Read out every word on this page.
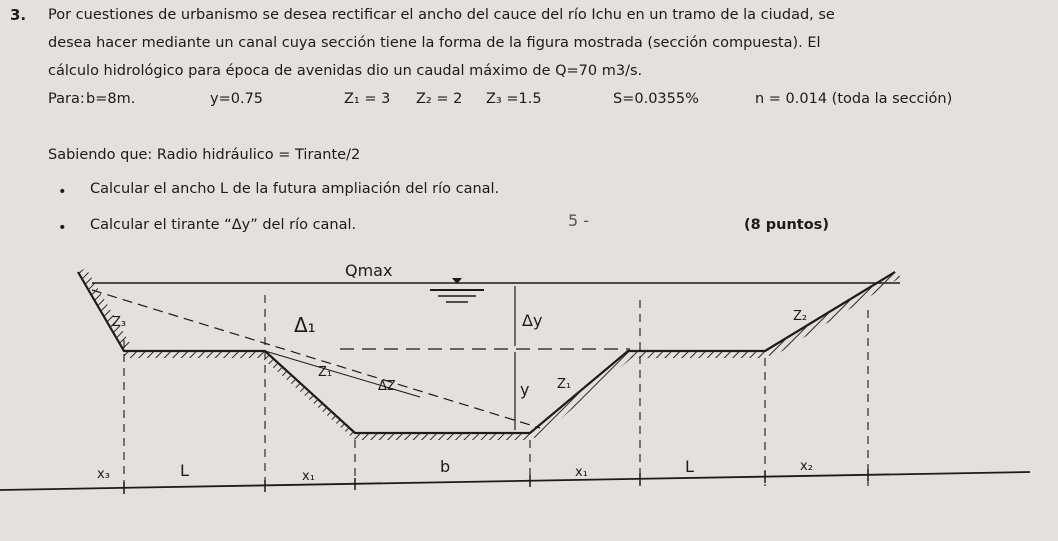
3. Por cuestiones de urbanismo se desea rectificar el ancho del cauce del río Ichu en un tramo de la ciudad, se
desea hacer mediante un canal cuya sección tiene la forma de la figura mostrada (sección compuesta). El
cálculo hidrológico para época de avenidas dio un caudal máximo de Q=70 m3/s.
Para: b=8m.	y=0.75	Z₁ = 3 Z₂ = 2 Z₃ =1.5	S=0.0355%	n = 0.014 (toda la sección)
Sabiendo que: Radio hidráulico = Tirante/2
• Calcular el ancho L de la futura ampliación del río canal.
• Calcular el tirante “Δy” del río canal.	5 -	(8 puntos)
Qmax
Δ₁	Δy
y Z₁
Z₁
ΔZ
Z₂
Z₃
x₃	L	x₁
b	x₁	L	x₂
